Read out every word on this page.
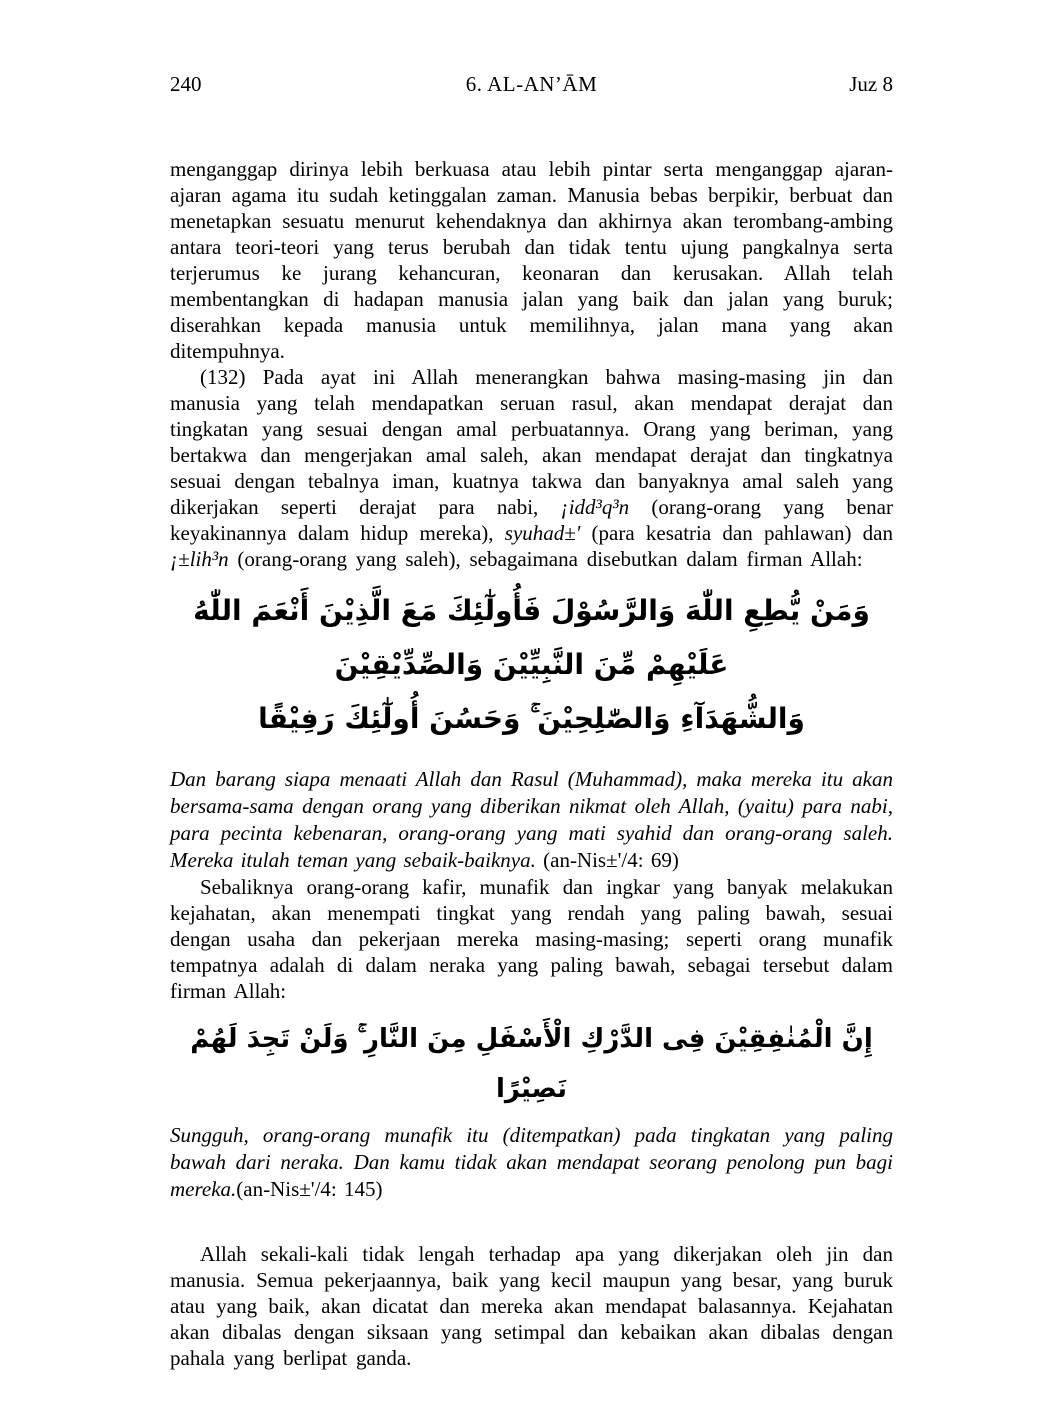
240	6. AL-AN’ĀM	Juz 8

menganggap dirinya lebih berkuasa atau lebih pintar serta menganggap ajaran-ajaran agama itu sudah ketinggalan zaman. Manusia bebas berpikir, berbuat dan menetapkan sesuatu menurut kehendaknya dan akhirnya akan terombang-ambing antara teori-teori yang terus berubah dan tidak tentu ujung pangkalnya serta terjerumus ke jurang kehancuran, keonaran dan kerusakan. Allah telah membentangkan di hadapan manusia jalan yang baik dan jalan yang buruk; diserahkan kepada manusia untuk memilihnya, jalan mana yang akan ditempuhnya.

(132) Pada ayat ini Allah menerangkan bahwa masing-masing jin dan manusia yang telah mendapatkan seruan rasul, akan mendapat derajat dan tingkatan yang sesuai dengan amal perbuatannya. Orang yang beriman, yang bertakwa dan mengerjakan amal saleh, akan mendapat derajat dan tingkatnya sesuai dengan tebalnya iman, kuatnya takwa dan banyaknya amal saleh yang dikerjakan seperti derajat para nabi, ¡idd³q³n (orang-orang yang benar keyakinannya dalam hidup mereka), syuhad±' (para kesatria dan pahlawan) dan ¡±lih³n (orang-orang yang saleh), sebagaimana disebutkan dalam firman Allah:

وَمَنْ يُّطِعِ اللّٰهَ وَالرَّسُوْلَ فَأُولٰٓئِكَ مَعَ الَّذِيْنَ أَنْعَمَ اللّٰهُ عَلَيْهِمْ مِّنَ النَّبِيِّيْنَ وَالصِّدِّيْقِيْنَ
وَالشُّهَدَآءِ وَالصّٰلِحِيْنَ ۚ وَحَسُنَ أُولٰٓئِكَ رَفِيْقًا

Dan barang siapa menaati Allah dan Rasul (Muhammad), maka mereka itu akan bersama-sama dengan orang yang diberikan nikmat oleh Allah, (yaitu) para nabi, para pecinta kebenaran, orang-orang yang mati syahid dan orang-orang saleh. Mereka itulah teman yang sebaik-baiknya. (an-Nis±'/4: 69)

Sebaliknya orang-orang kafir, munafik dan ingkar yang banyak melakukan kejahatan, akan menempati tingkat yang rendah yang paling bawah, sesuai dengan usaha dan pekerjaan mereka masing-masing; seperti orang munafik tempatnya adalah di dalam neraka yang paling bawah, sebagai tersebut dalam firman Allah:

إِنَّ الْمُنٰفِقِيْنَ فِى الدَّرْكِ الْأَسْفَلِ مِنَ النَّارِ ۚ وَلَنْ تَجِدَ لَهُمْ نَصِيْرًا

Sungguh, orang-orang munafik itu (ditempatkan) pada tingkatan yang paling bawah dari neraka. Dan kamu tidak akan mendapat seorang penolong pun bagi mereka.(an-Nis±'/4: 145)

Allah sekali-kali tidak lengah terhadap apa yang dikerjakan oleh jin dan manusia. Semua pekerjaannya, baik yang kecil maupun yang besar, yang buruk atau yang baik, akan dicatat dan mereka akan mendapat balasannya. Kejahatan akan dibalas dengan siksaan yang setimpal dan kebaikan akan dibalas dengan pahala yang berlipat ganda.
